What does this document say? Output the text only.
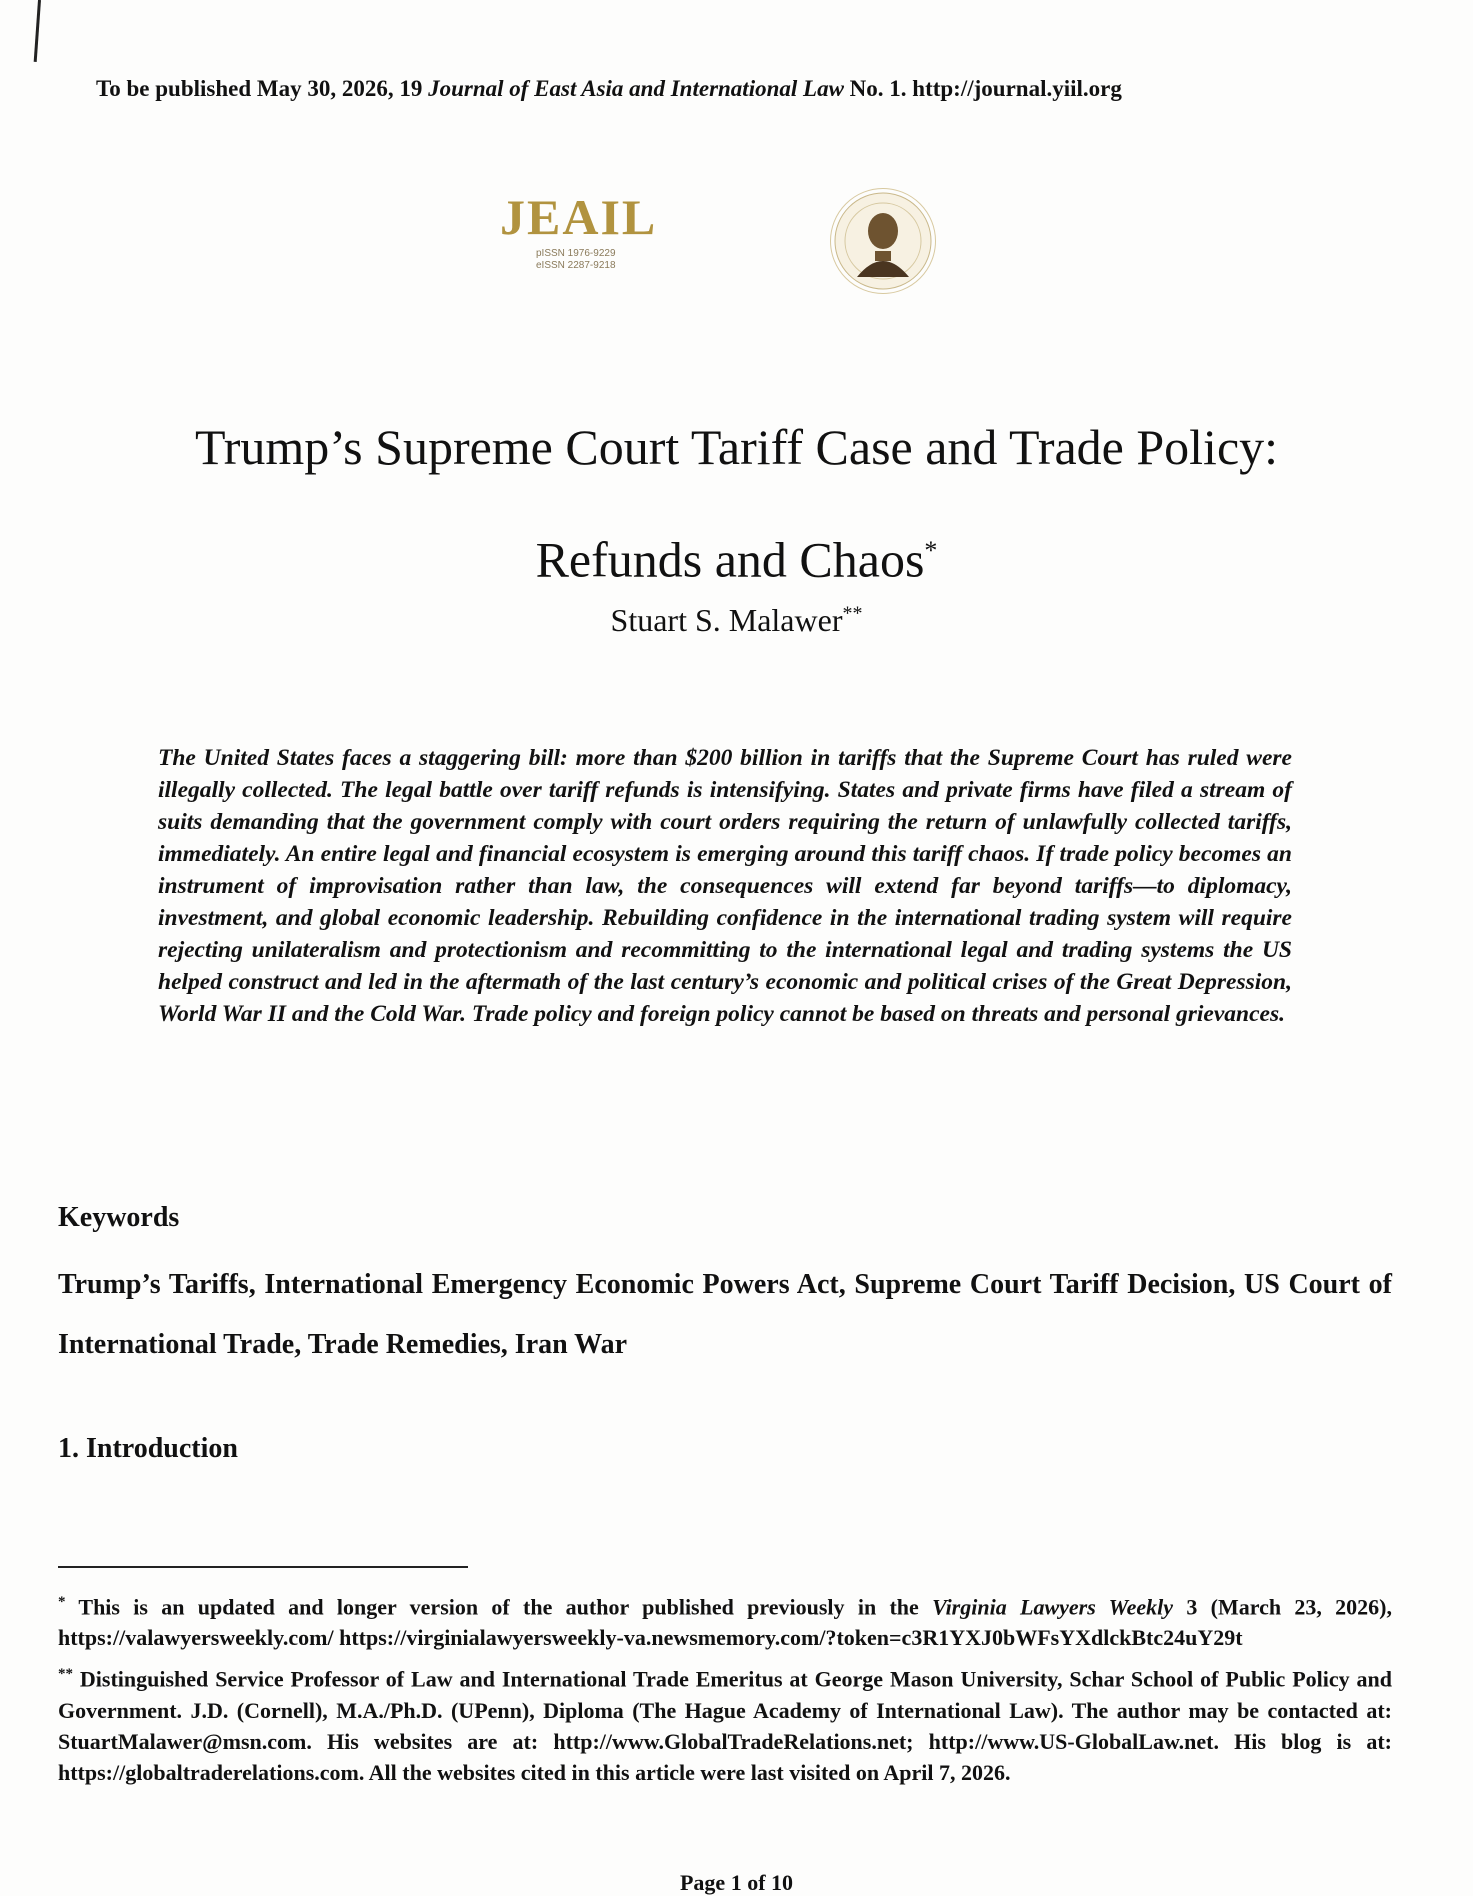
To be published May 30, 2026, 19 Journal of East Asia and International Law No. 1. http://journal.yiil.org
JEAIL
pISSN 1976-9229
eISSN 2287-9218
Trump’s Supreme Court Tariff Case and Trade Policy:
Refunds and Chaos*
Stuart S. Malawer**
The United States faces a staggering bill: more than $200 billion in tariffs that the Supreme Court has ruled were illegally collected. The legal battle over tariff refunds is intensifying. States and private firms have filed a stream of suits demanding that the government comply with court orders requiring the return of unlawfully collected tariffs, immediately. An entire legal and financial ecosystem is emerging around this tariff chaos. If trade policy becomes an instrument of improvisation rather than law, the consequences will extend far beyond tariffs—to diplomacy, investment, and global economic leadership. Rebuilding confidence in the international trading system will require rejecting unilateralism and protectionism and recommitting to the international legal and trading systems the US helped construct and led in the aftermath of the last century’s economic and political crises of the Great Depression, World War II and the Cold War. Trade policy and foreign policy cannot be based on threats and personal grievances.
Keywords
Trump’s Tariffs, International Emergency Economic Powers Act, Supreme Court Tariff Decision, US Court of International Trade, Trade Remedies, Iran War
1. Introduction

* This is an updated and longer version of the author published previously in the Virginia Lawyers Weekly 3 (March 23, 2026), https://valawyersweekly.com/ https://virginialawyersweekly-va.newsmemory.com/?token=c3R1YXJ0bWFsYXdlckBtc24uY29t

** Distinguished Service Professor of Law and International Trade Emeritus at George Mason University, Schar School of Public Policy and Government. J.D. (Cornell), M.A./Ph.D. (UPenn), Diploma (The Hague Academy of International Law). The author may be contacted at: StuartMalawer@msn.com. His websites are at: http://www.GlobalTradeRelations.net; http://www.US-GlobalLaw.net. His blog is at: https://globaltraderelations.com. All the websites cited in this article were last visited on April 7, 2026.

Page 1 of 10
